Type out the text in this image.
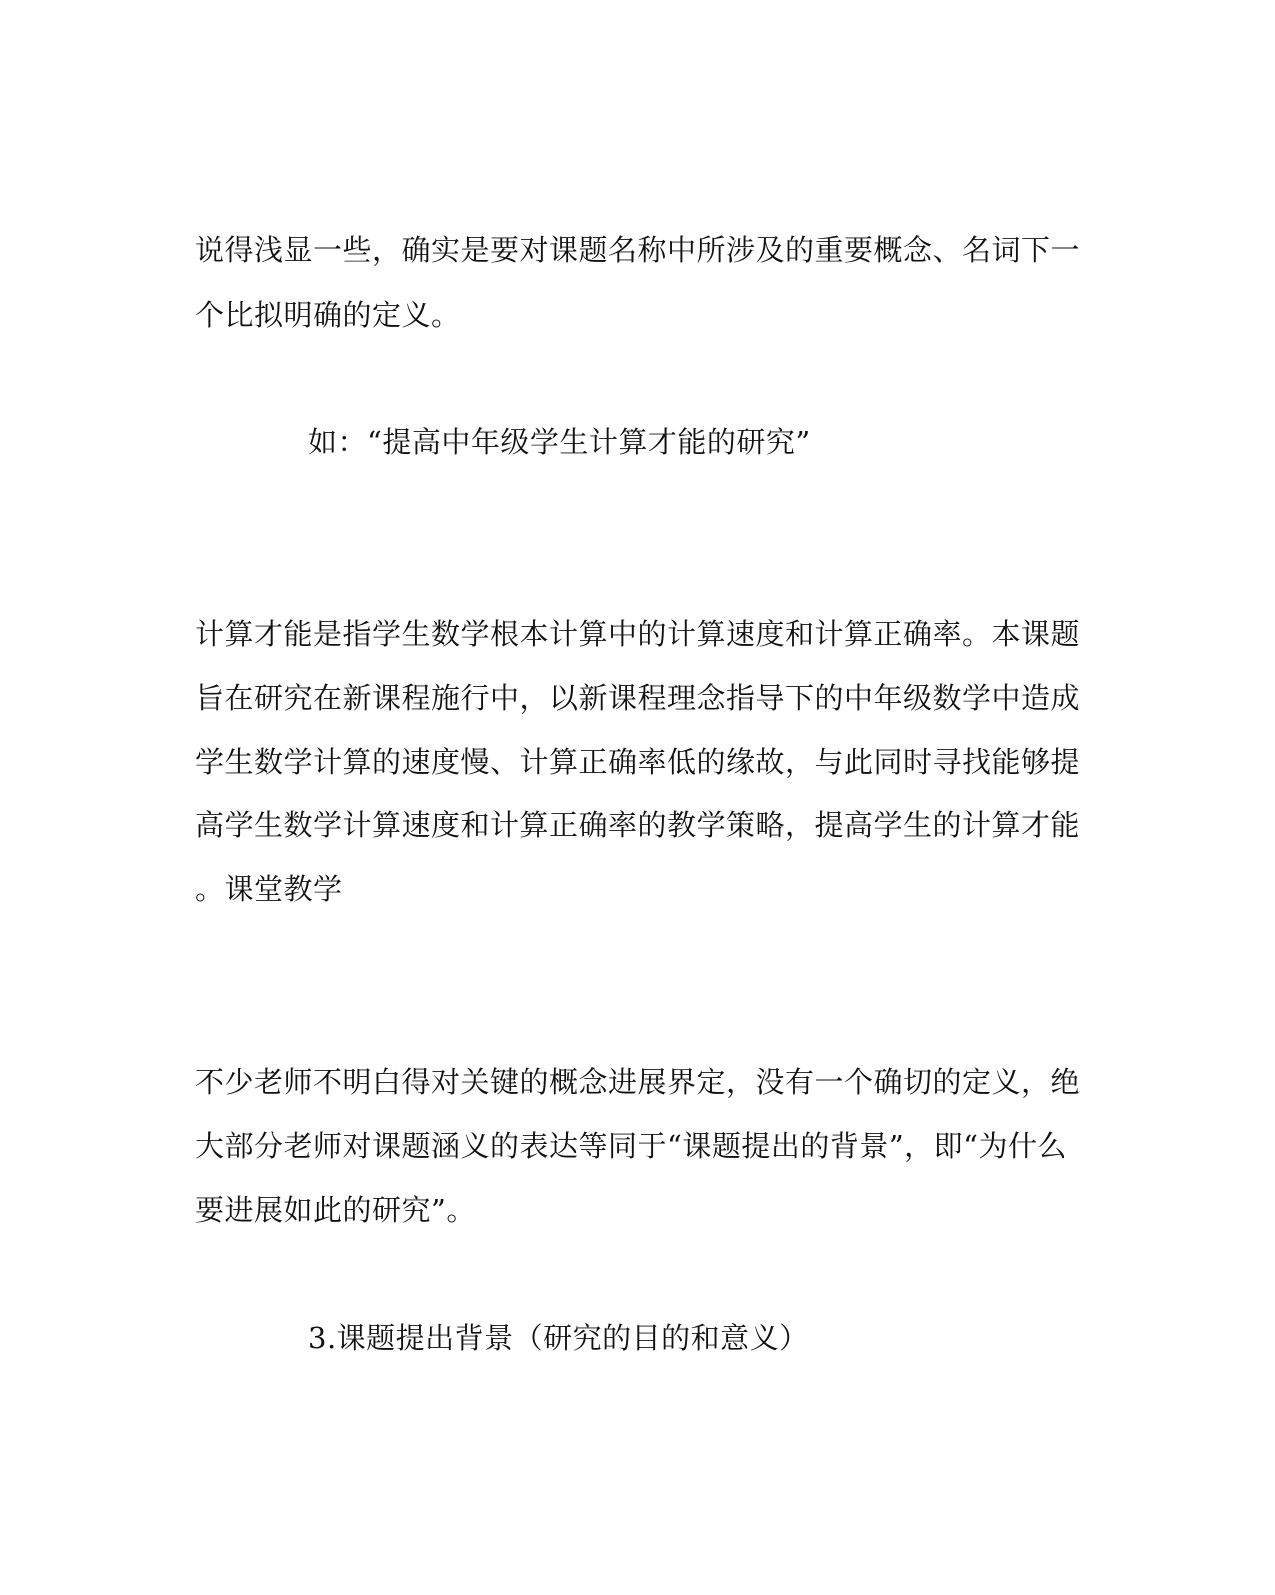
说得浅显一些，确实是要对课题名称中所涉及的重要概念、名词下一
个比拟明确的定义。
如：“提高中年级学生计算才能的研究”
计算才能是指学生数学根本计算中的计算速度和计算正确率。本课题
旨在研究在新课程施行中，以新课程理念指导下的中年级数学中造成
学生数学计算的速度慢、计算正确率低的缘故，与此同时寻找能够提
高学生数学计算速度和计算正确率的教学策略，提高学生的计算才能
。课堂教学
不少老师不明白得对关键的概念进展界定，没有一个确切的定义，绝
大部分老师对课题涵义的表达等同于“课题提出的背景”，即“为什么
要进展如此的研究”。
3.课题提出背景（研究的目的和意义）
